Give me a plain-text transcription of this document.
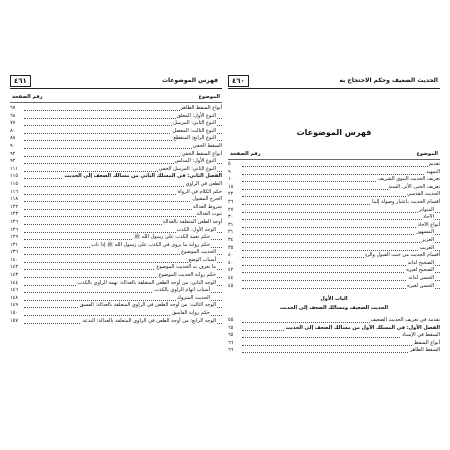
٤٦١	فهرس الموضوعات
الموضوع
رقم الصفحة
أنواع السقط الظاهر
٦٧
النوع الأول: المعلق
٦٨
النوع الثاني: المرسل
٧٧
النوع الثالث: المعضل
٨٠
النوع الرابع: المنقطع
٨٨
السقط الخفي
٩٠
أنواع السقط الخفي
٩٢
النوع الأول: المدلس
٩٢
النوع الثاني: المرسل الخفي
١١١
الفصل الثاني: في المسلك الثاني من مسالك الضعف إلى الحديث
١١٥
الطعن في الراوي
١١٥
حكم الكلام في الرواة
١١٦
الجرح المقبول
١١٨
شروط العدالة
١٢٢
ثبوت العدالة
١٢٣
أوجه الطعن المتعلقة بالعدالة
١٢٦
الوجه الأول: الكذب
١٢٦
حكم تعمد الكذب على رسول الله ﷺ
١٢٩
حكم رواية ما يروى في الكذب على رسول الله ﷺ إذا تاب
١٣١
الحديث الموضوع
١٣٦
أسباب الوضع
١٤٠
ما يعرف به الحديث الموضوع
١٤٢
حكم رواية الحديث الموضوع
١٤٣
الوجه الثاني: من أوجه الطعن المتعلقة بالعدالة: تهمة الراوي بالكذب
١٤٤
أسباب اتهام الراوي بالكذب
١٤٦
الحديث المتروك
١٤٨
الوجه الثالث: من أوجه الطعن في الراوي المتعلقة بالعدالة: الفسق
١٤٩
حكم رواية الفاسق
١٥٠
الوجه الرابع: من أوجه الطعن في الراوي المتعلقة بالعدالة: البدعة
١٥٧
٤٦٠	الحديث الضعيف وحكم الاحتجاج به
فهرس الموضوعات
الموضوع
رقم الصفحة
تقديم
٥
التمهيد
٩
تعريف الحديث النبوي الشريف
١٠
تعريف الخبر، الأثر، السنة
١٨
الحديث القدسي
٢٢
أقسام الحديث باعتبار وصوله إلينا
٢٦
المتواتر
٢٧
الآحاد
٣٠
أنواع الآحاد
٣١
المشهور
٣١
العزيز
٣٤
الغريب
٣٥
أقسام الحديث من حيث القبول والرد
٤٠
الصحيح لذاته
٤٠
الصحيح لغيره
٤٢
الحسن لذاته
٤٤
الحسن لغيره
٤٥
الباب الأول
الحديث الضعيف ومسالك الضعف إلى الحديث
تقدمة في تعريف الحديث الضعيف
٥٥
الفصل الأول: في المسلك الأول من مسالك الضعف إلى الحديث
٦٥
السقط في الإسناد
٦٥
أنواع السقط
٦٦
السقط الظاهر
٦٦
